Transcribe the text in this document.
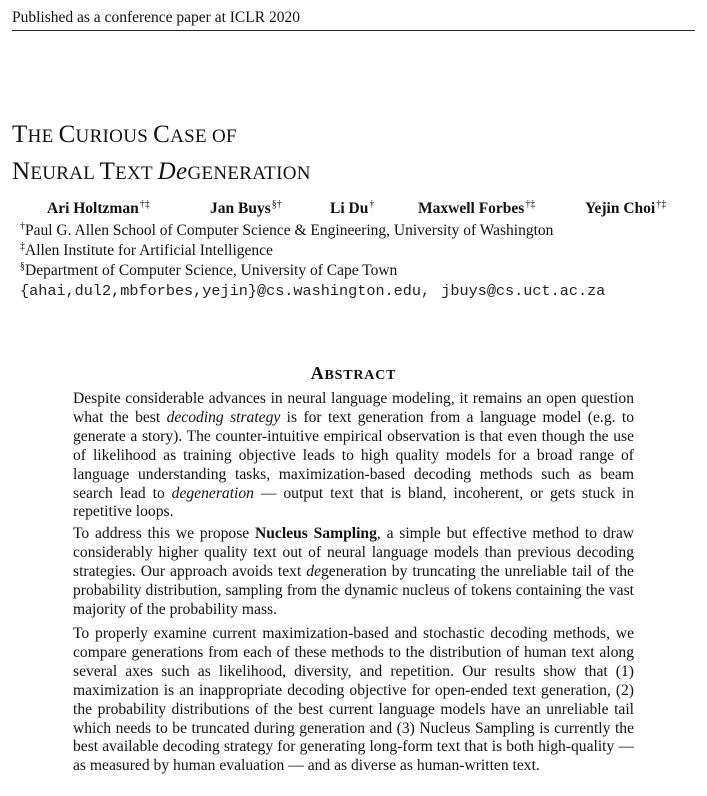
Published as a conference paper at ICLR 2020
THE CURIOUS CASE OF
NEURAL TEXT DeGENERATION
Ari Holtzman†‡	Jan Buys§†	Li Du†	Maxwell Forbes†‡	Yejin Choi†‡
†Paul G. Allen School of Computer Science & Engineering, University of Washington
‡Allen Institute for Artificial Intelligence
§Department of Computer Science, University of Cape Town
{ahai,dul2,mbforbes,yejin}@cs.washington.edu, jbuys@cs.uct.ac.za
ABSTRACT

Despite considerable advances in neural language modeling, it remains an open question what the best decoding strategy is for text generation from a language model (e.g. to generate a story). The counter-intuitive empirical observation is that even though the use of likelihood as training objective leads to high quality models for a broad range of language understanding tasks, maximization-based decoding methods such as beam search lead to degeneration — output text that is bland, incoherent, or gets stuck in repetitive loops.

To address this we propose Nucleus Sampling, a simple but effective method to draw considerably higher quality text out of neural language models than previous decoding strategies. Our approach avoids text degeneration by truncating the unreliable tail of the probability distribution, sampling from the dynamic nucleus of tokens containing the vast majority of the probability mass.

To properly examine current maximization-based and stochastic decoding methods, we compare generations from each of these methods to the distribution of human text along several axes such as likelihood, diversity, and repetition. Our results show that (1) maximization is an inappropriate decoding objective for open-ended text generation, (2) the probability distributions of the best current language models have an unreliable tail which needs to be truncated during generation and (3) Nucleus Sampling is currently the best available decoding strategy for generating long-form text that is both high-quality — as measured by human evaluation — and as diverse as human-written text.
